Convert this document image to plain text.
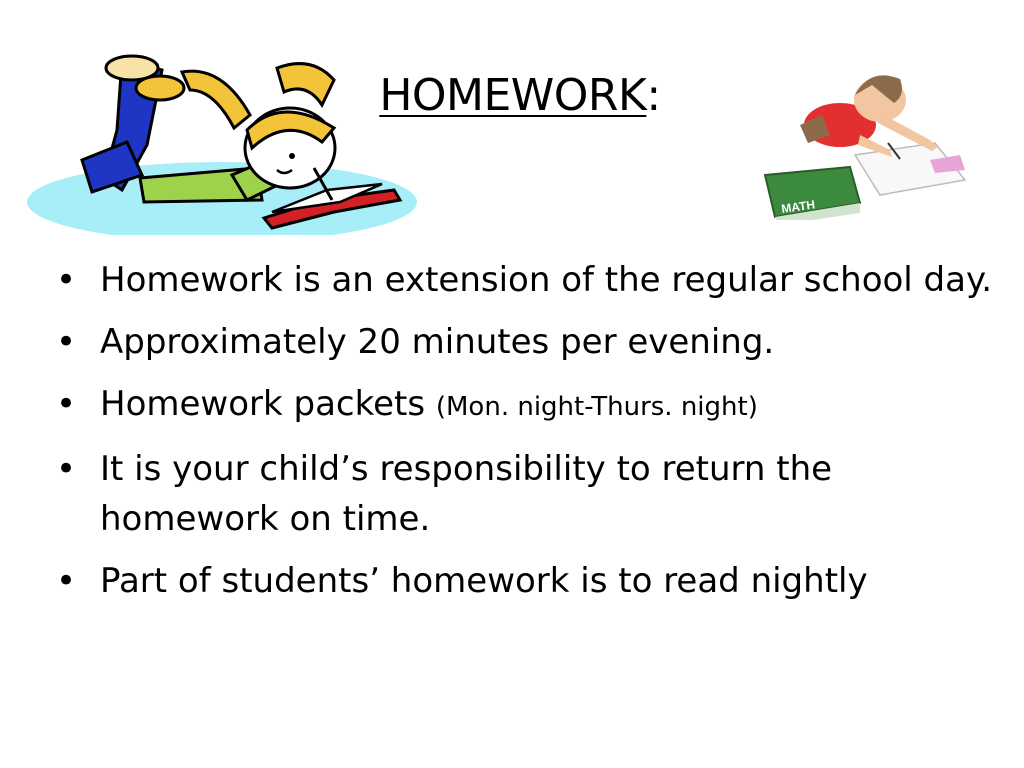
HOMEWORK:
MATH
• Homework is an extension of the regular school day.
• Approximately 20 minutes per evening.
• Homework packets (Mon. night-Thurs. night)
• It is your child’s responsibility to return the homework on time.
• Part of students’ homework is to read nightly
